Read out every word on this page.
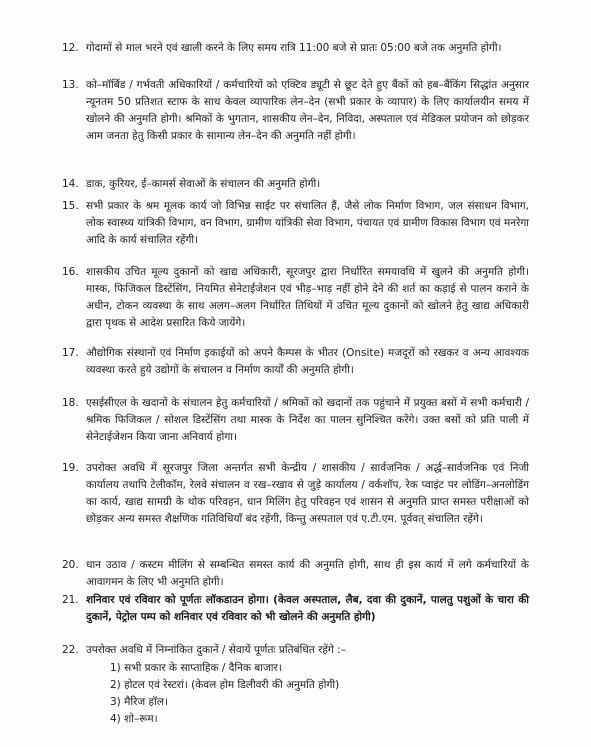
12. गोदामों से माल भरने एवं खाली करने के लिए समय रात्रि 11:00 बजे से प्रातः 05:00 बजे तक अनुमति होगी।
13. को–मॉर्बिड / गर्भवती अधिकारियों / कर्मचारियों को एक्टिव ड्यूटी से छूट देते हुए बैंकों को हब–बैंकिंग सिद्धांत अनुसार न्यूनतम 50 प्रतिशत स्टाफ के साथ केवल व्यापारिक लेन–देन (सभी प्रकार के व्यापार) के लिए कार्यालयीन समय में खोलने की अनुमति होगी। श्रमिकों के भुगतान, शासकीय लेन–देन, निविदा, अस्पताल एवं मेडिकल प्रयोजन को छोड़कर आम जनता हेतु किसी प्रकार के सामान्य लेन–देन की अनुमति नहीं होगी।
14. डाक, कुरियर, ई–कामर्स सेवाओं के संचालन की अनुमति होगी।
15. सभी प्रकार के श्रम मूलक कार्य जो विभिन्न साईट पर संचालित हैं, जैसे लोक निर्माण विभाग, जल संसाधन विभाग, लोक स्वास्थ्य यांत्रिकी विभाग, वन विभाग, ग्रामीण यांत्रिकी सेवा विभाग, पंचायत एवं ग्रामीण विकास विभाग एवं मनरेगा आदि के कार्य संचालित रहेंगी।
16. शासकीय उचित मूल्य दुकानों को खाद्य अधिकारी, सूरजपुर द्वारा निर्धारित समयावधि में खुलने की अनुमति होगी। मास्क, फिजिकल डिस्टेंसिंग, नियमित सेनेटाईजेशन एवं भीड़–भाड़ नहीं होने देने की शर्त का कड़ाई से पालन कराने के अधीन, टोकन व्यवस्था के साथ अलग–अलग निर्धारित तिथियों में उचित मूल्य दुकानों को खोलने हेतु खाद्य अधिकारी द्वारा पृथक से आदेश प्रसारित किये जायेंगे।
17. औद्योगिक संस्थानों एवं निर्माण इकाईयों को अपने कैम्पस के भीतर (Onsite) मजदूरों को रखकर व अन्य आवश्यक व्यवस्था करते हुये उद्योगों के संचालन व निर्माण कार्यों की अनुमति होगी।
18. एसईसीएल के खदानों के संचालन हेतु कर्मचारियों / श्रमिकों को खदानों तक पहुंचाने में प्रयुक्त बसों में सभी कर्मचारी / श्रमिक फिजिकल / सोशल डिस्टेंसिंग तथा मास्क के निर्देश का पालन सुनिश्चित करेंगे। उक्त बसों को प्रति पाली में सेनेटाईजेशन किया जाना अनिवार्य होगा।
19. उपरोक्त अवधि में सूरजपुर जिला अन्तर्गत सभी केन्द्रीय / शासकीय / सार्वजनिक / अर्द्ध–सार्वजनिक एवं निजी कार्यालय तथापि टेलीकॉम, रेलवे संचालन व रख–रखाव से जुड़े कार्यालय / वर्कशॉप, रेक प्वाइंट पर लोडिंग–अनलोडिंग का कार्य, खाद्य सामग्री के थोक परिवहन, धान मिलिंग हेतु परिवहन एवं शासन से अनुमति प्राप्त समस्त परीक्षाओं को छोड़कर अन्य समस्त शैक्षणिक गतिविधियाँ बंद रहेंगी, किन्तु अस्पताल एवं ए.टी.एम. पूर्ववत् संचालित रहेंगे।
20. धान उठाव / कस्टम मीलिंग से सम्बन्धित समस्त कार्य की अनुमति होगी, साथ ही इस कार्य में लगे कर्मचारियों के आवागमन के लिए भी अनुमति होगी।
21. शनिवार एवं रविवार को पूर्णतः लॉकडाउन होगा। (केवल अस्पताल, लैब, दवा की दुकानें, पालतु पशुओं के चारा की दुकानें, पेट्रोल पम्प को शनिवार एवं रविवार को भी खोलने की अनुमति होगी)
22. उपरोक्त अवधि में निम्नांकित दुकानें / सेवायें पूर्णतः प्रतिबंधित रहेंगे :–
1) सभी प्रकार के साप्ताहिक / दैनिक बाजार।
2) होटल एवं रेस्टरां। (केवल होम डिलीवरी की अनुमति होगी)
3) मैरिज हॉल।
4) शो–रूम।
